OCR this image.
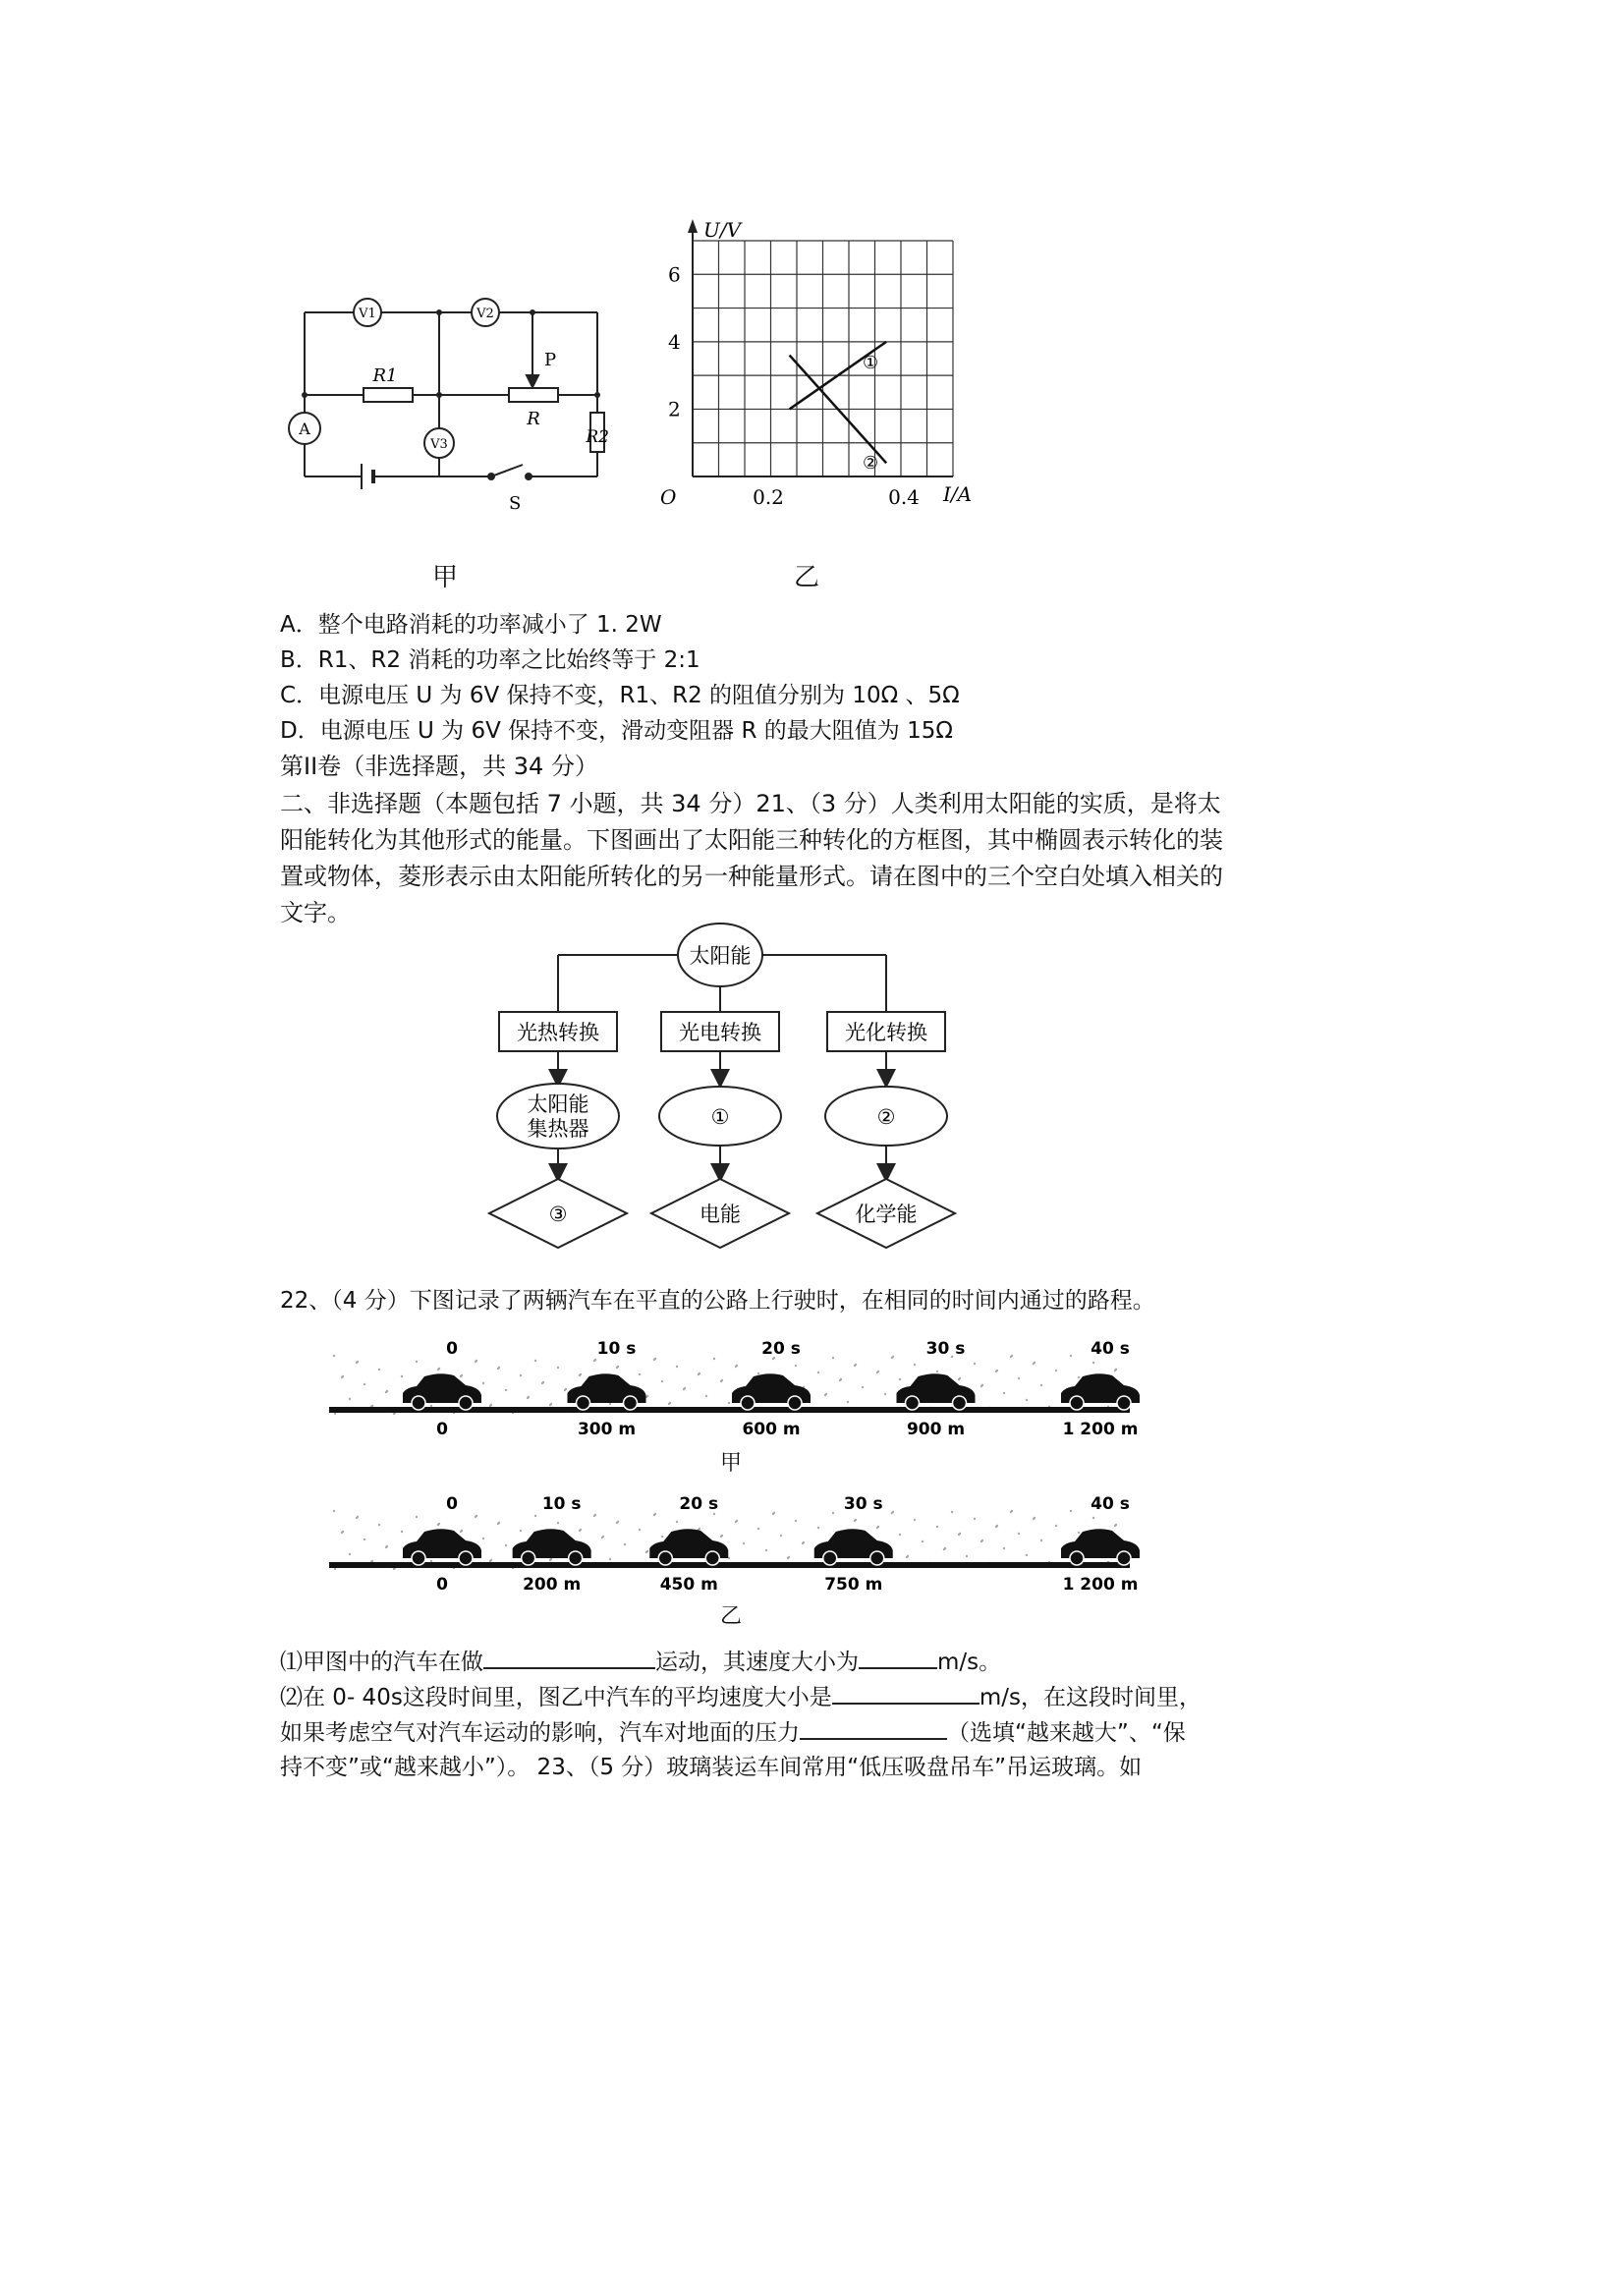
V1	V2
A
V3
R1
R
P
R2
S
甲
U/V
I/A
O
6
4
2
0.2	0.4
①
②
乙
A．整个电路消耗的功率减小了 1. 2W
B．R1、R2 消耗的功率之比始终等于 2:1
C．电源电压 U 为 6V 保持不变，R1、R2 的阻值分别为 10Ω 、5Ω
D．电源电压 U 为 6V 保持不变，滑动变阻器 R 的最大阻值为 15Ω
第II卷（非选择题，共 34 分）
二、非选择题（本题包括 7 小题，共 34 分）21、（3 分）人类利用太阳能的实质，是将太阳能转化为其他形式的能量。下图画出了太阳能三种转化的方框图，其中椭圆表示转化的装置或物体，菱形表示由太阳能所转化的另一种能量形式。请在图中的三个空白处填入相关的文字。
太阳能
光热转换	光电转换	光化转换
太阳能
集热器	①	②
③	电能	化学能
22、（4 分）下图记录了两辆汽车在平直的公路上行驶时，在相同的时间内通过的路程。
0
0
10 s
300 m
20 s
600 m
30 s
900 m
40 s
1 200 m
甲
0
0
10 s
200 m
20 s
450 m
30 s
750 m
40 s
1 200 m
乙
⑴甲图中的汽车在做	运动，其速度大小为	m/s。
⑵在 0- 40s这段时间里，图乙中汽车的平均速度大小是	m/s，在这段时间里，
如果考虑空气对汽车运动的影响，汽车对地面的压力	（选填“越来越大”、“保
持不变”或“越来越小”）。 23、（5 分）玻璃装运车间常用“低压吸盘吊车”吊运玻璃。如
